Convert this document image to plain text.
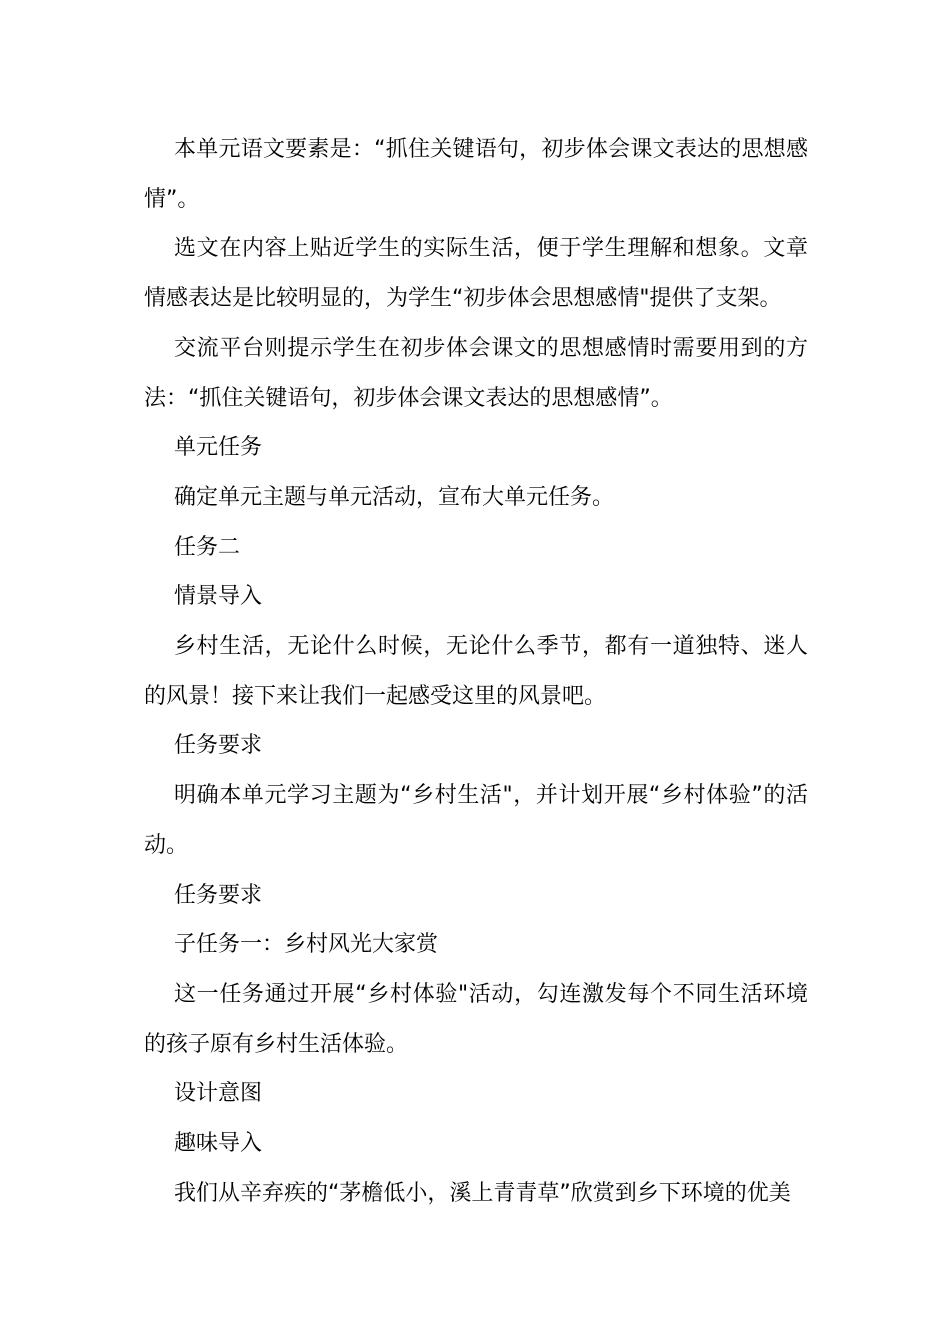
本单元语文要素是：“抓住关键语句，初步体会课文表达的思想感情”。

选文在内容上贴近学生的实际生活，便于学生理解和想象。文章情感表达是比较明显的，为学生“初步体会思想感情"提供了支架。

交流平台则提示学生在初步体会课文的思想感情时需要用到的方法：“抓住关键语句，初步体会课文表达的思想感情”。

单元任务

确定单元主题与单元活动，宣布大单元任务。

任务二

情景导入

乡村生活，无论什么时候，无论什么季节，都有一道独特、迷人的风景！接下来让我们一起感受这里的风景吧。

任务要求

明确本单元学习主题为“乡村生活"，并计划开展“乡村体验”的活动。

任务要求

子任务一：乡村风光大家赏

这一任务通过开展“乡村体验"活动，勾连激发每个不同生活环境的孩子原有乡村生活体验。

设计意图

趣味导入

我们从辛弃疾的“茅檐低小，溪上青青草”欣赏到乡下环境的优美
